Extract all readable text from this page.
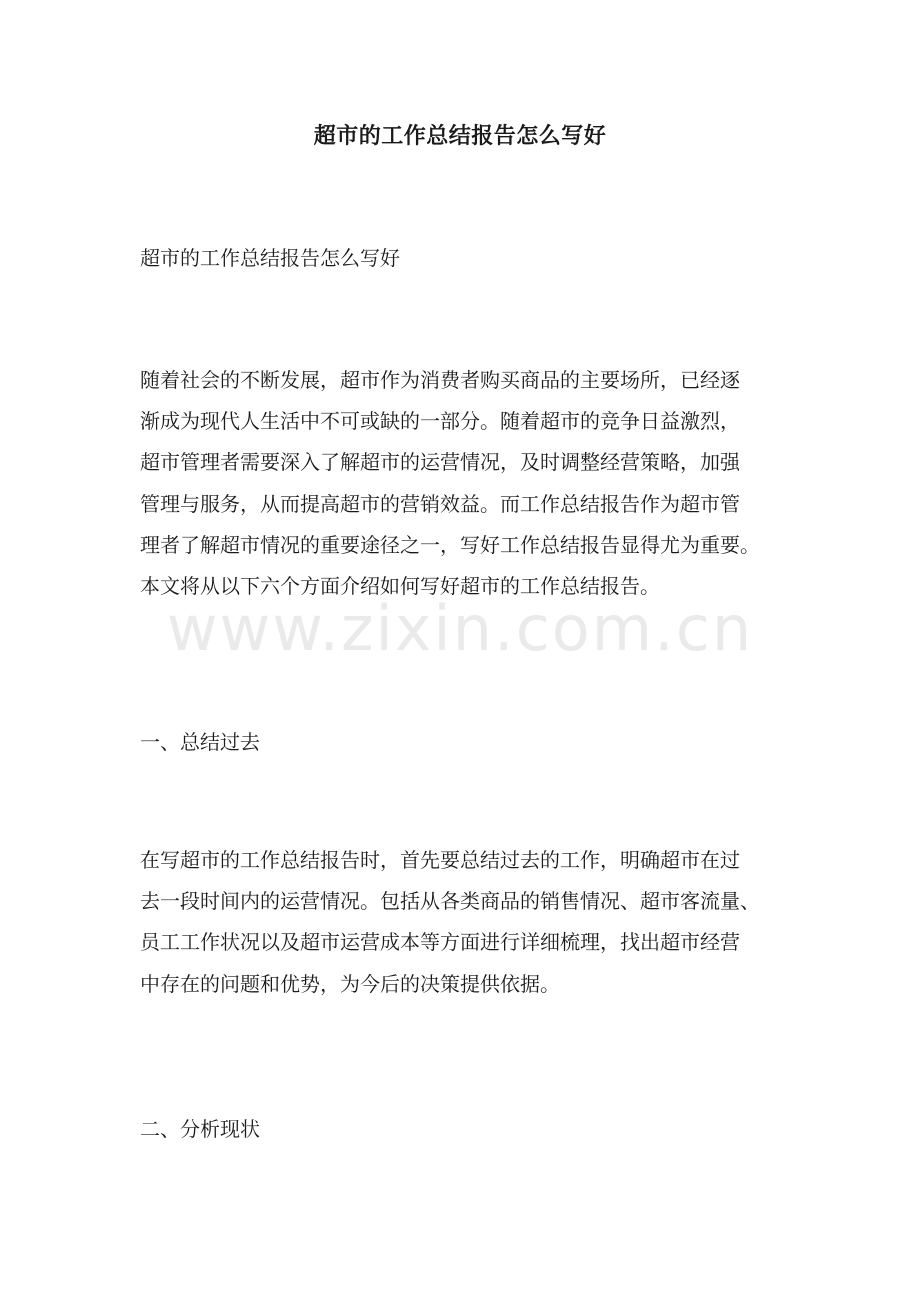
超市的工作总结报告怎么写好
超市的工作总结报告怎么写好
随着社会的不断发展，超市作为消费者购买商品的主要场所，已经逐
渐成为现代人生活中不可或缺的一部分。随着超市的竞争日益激烈，
超市管理者需要深入了解超市的运营情况，及时调整经营策略，加强
管理与服务，从而提高超市的营销效益。而工作总结报告作为超市管
理者了解超市情况的重要途径之一，写好工作总结报告显得尤为重要。
本文将从以下六个方面介绍如何写好超市的工作总结报告。
一、总结过去
在写超市的工作总结报告时，首先要总结过去的工作，明确超市在过
去一段时间内的运营情况。包括从各类商品的销售情况、超市客流量、
员工工作状况以及超市运营成本等方面进行详细梳理，找出超市经营
中存在的问题和优势，为今后的决策提供依据。
二、分析现状
www.zixin.com.cn
